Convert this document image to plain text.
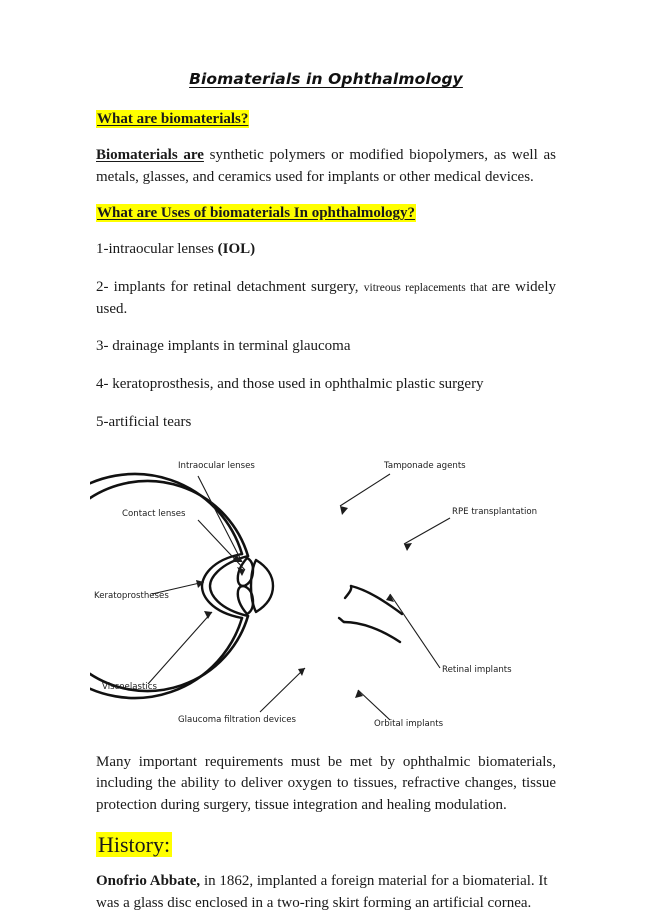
Biomaterials in Ophthalmology
What are biomaterials?

Biomaterials are synthetic polymers or modified biopolymers, as well as metals, glasses, and ceramics used for implants or other medical devices.

What are Uses of biomaterials In ophthalmology?

1-intraocular lenses (IOL)

2- implants for retinal detachment surgery, vitreous replacements that are widely used.

3- drainage implants in terminal glaucoma

4- keratoprosthesis, and those used in ophthalmic plastic surgery

5-artificial tears

Intraocular lenses	Tamponade agents
Contact lenses	RPE transplantation
Keratoprostheses
Retinal implants
Viscoelastics
Glaucoma filtration devices	Orbital implants

Many important requirements must be met by ophthalmic biomaterials, including the ability to deliver oxygen to tissues, refractive changes, tissue protection during surgery, tissue integration and healing modulation.

History:

Onofrio Abbate, in 1862, implanted a foreign material for a biomaterial. It was a glass disc enclosed in a two-ring skirt forming an artificial cornea.
